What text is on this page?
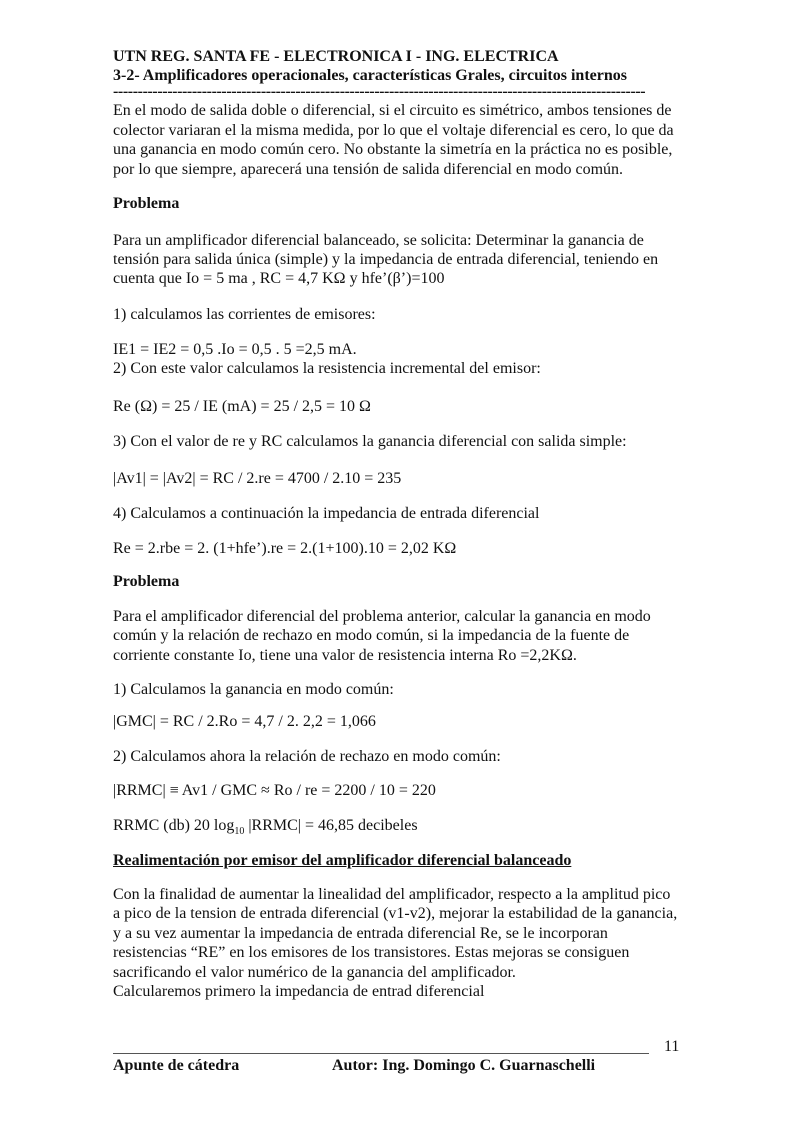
UTN REG. SANTA FE - ELECTRONICA I - ING. ELECTRICA
3-2- Amplificadores operacionales, características Grales, circuitos internos
------------------------------------------------------------------------------------------------------------
En el modo de salida doble o diferencial, si el circuito es simétrico, ambos tensiones de
colector variaran el la misma medida, por lo que el voltaje diferencial es cero, lo que da
una ganancia en modo común cero. No obstante la simetría en la práctica no es posible,
por lo que siempre, aparecerá una tensión de salida diferencial en modo común.
Problema
Para un amplificador diferencial balanceado, se solicita: Determinar la ganancia de
tensión para salida única (simple) y la impedancia de entrada diferencial, teniendo en
cuenta que Io = 5 ma , RC = 4,7 KΩ y hfe’(β’)=100
1) calculamos las corrientes de emisores:
IE1 = IE2 = 0,5 .Io = 0,5 . 5 =2,5 mA.
2) Con este valor calculamos la resistencia incremental del emisor:
Re (Ω) = 25 / IE (mA) = 25 / 2,5 = 10 Ω
3) Con el valor de re y RC calculamos la ganancia diferencial con salida simple:
|Av1| = |Av2| = RC / 2.re = 4700 / 2.10 = 235
4) Calculamos a continuación la impedancia de entrada diferencial
Re = 2.rbe = 2. (1+hfe’).re = 2.(1+100).10 = 2,02 KΩ
Problema
Para el amplificador diferencial del problema anterior, calcular la ganancia en modo
común y la relación de rechazo en modo común, si la impedancia de la fuente de
corriente constante Io, tiene una valor de resistencia interna Ro =2,2KΩ.
1) Calculamos la ganancia en modo común:
|GMC| = RC / 2.Ro = 4,7 / 2. 2,2 = 1,066
2) Calculamos ahora la relación de rechazo en modo común:
|RRMC| ≡ Av1 / GMC ≈ Ro / re = 2200 / 10 = 220
RRMC (db) 20 $\log_{10}$ |RRMC| = 46,85 decibeles
Realimentación por emisor del amplificador diferencial balanceado
Con la finalidad de aumentar la linealidad del amplificador, respecto a la amplitud pico
a pico de la tension de entrada diferencial (v1-v2), mejorar la estabilidad de la ganancia,
y a su vez aumentar la impedancia de entrada diferencial Re, se le incorporan
resistencias “RE” en los emisores de los transistores. Estas mejoras se consiguen
sacrificando el valor numérico de la ganancia del amplificador.
Calcularemos primero la impedancia de entrad diferencial
11
Apunte de cátedra	Autor: Ing. Domingo C. Guarnaschelli
